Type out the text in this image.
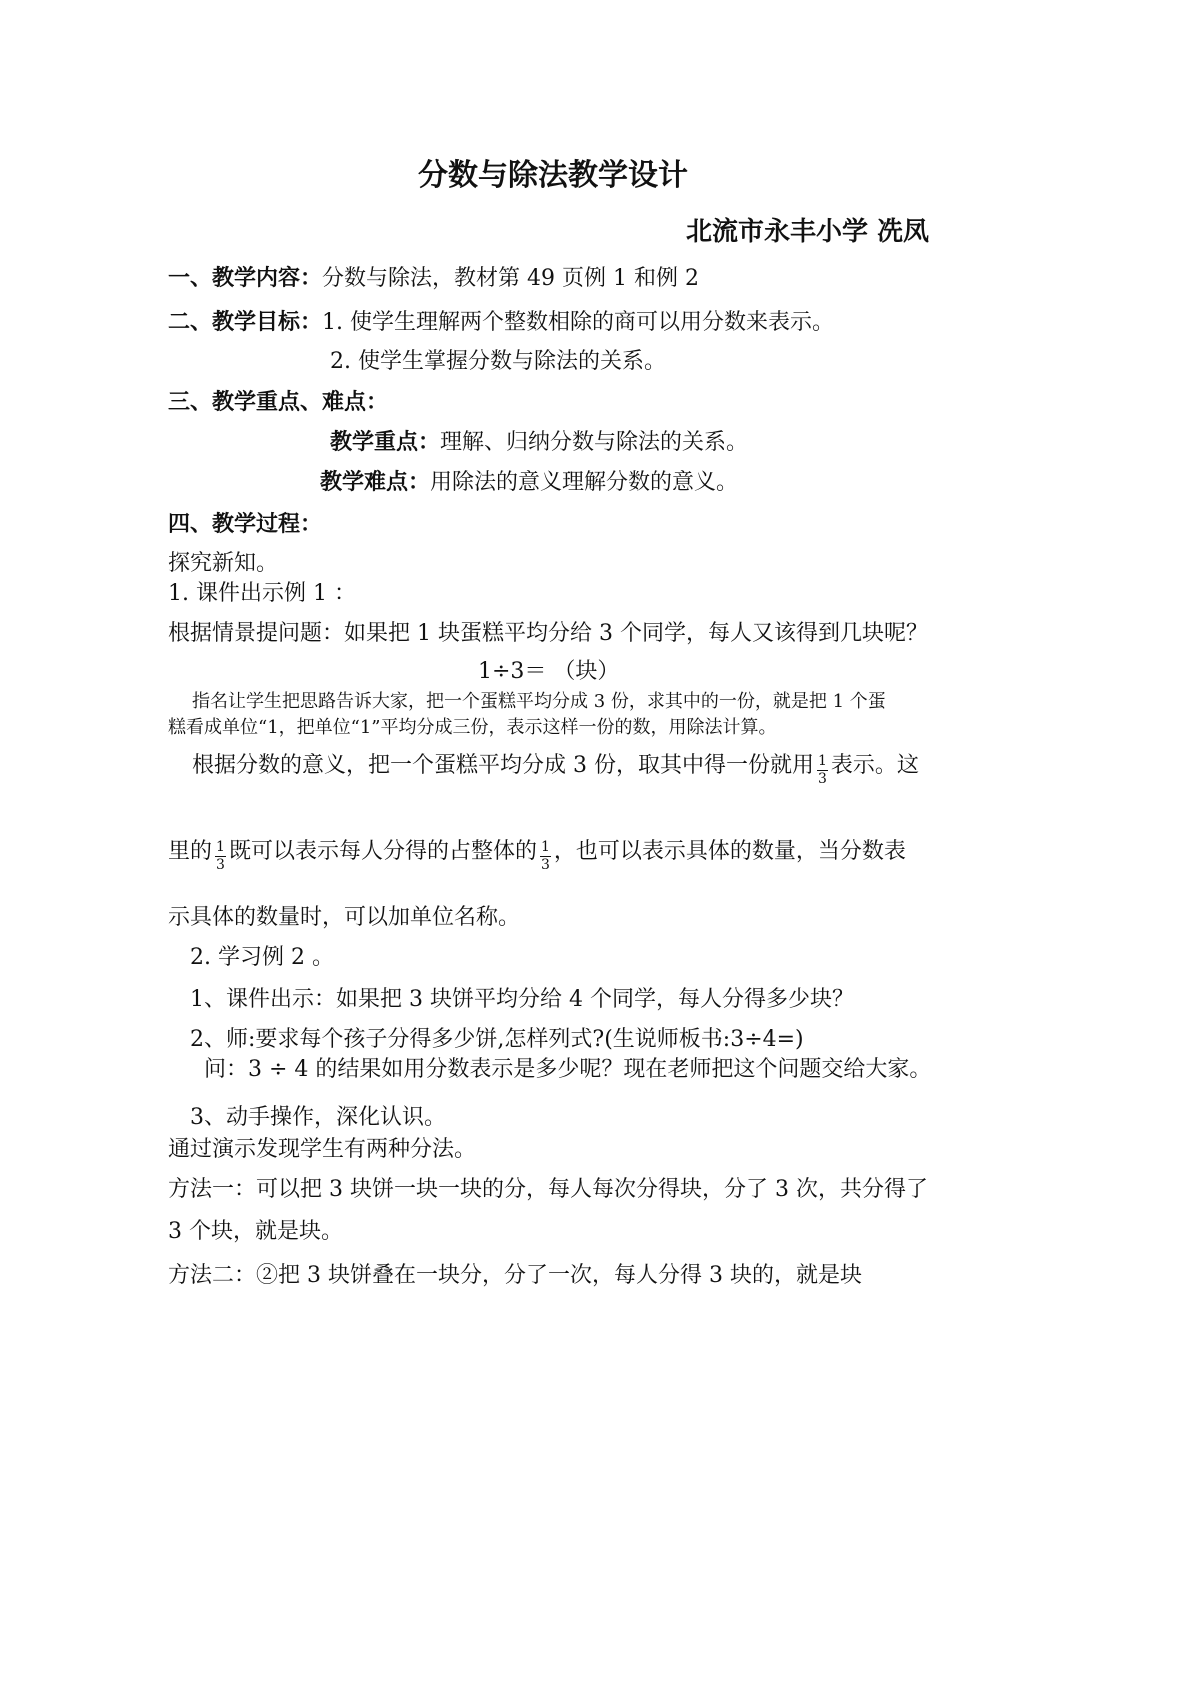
分数与除法教学设计
北流市永丰小学 冼凤
一、教学内容：分数与除法，教材第 49 页例 1 和例 2
二、教学目标：1. 使学生理解两个整数相除的商可以用分数来表示。
2. 使学生掌握分数与除法的关系。
三、教学重点、难点：
教学重点：理解、归纳分数与除法的关系。
教学难点：用除法的意义理解分数的意义。
四、教学过程：
探究新知。
1. 课件出示例 1 ：
根据情景提问题：如果把 1 块蛋糕平均分给 3 个同学，每人又该得到几块呢？
1÷3＝ （块）
指名让学生把思路告诉大家，把一个蛋糕平均分成 3 份，求其中的一份，就是把 1 个蛋
糕看成单位“1，把单位“1”平均分成三份，表示这样一份的数，用除法计算。
根据分数的意义，把一个蛋糕平均分成 3 份，取其中得一份就用 $\frac{1}{3}$ 表示。这
里的 $\frac{1}{3}$ 既可以表示每人分得的占整体的 $\frac{1}{3}$ ，也可以表示具体的数量，当分数表
示具体的数量时，可以加单位名称。
2. 学习例 2 。
1、课件出示：如果把 3 块饼平均分给 4 个同学，每人分得多少块？
2、师:要求每个孩子分得多少饼,怎样列式?(生说师板书:3÷4=)
问：3 ÷ 4 的结果如用分数表示是多少呢？现在老师把这个问题交给大家。
3、动手操作，深化认识。
通过演示发现学生有两种分法。
方法一：可以把 3 块饼一块一块的分，每人每次分得块，分了 3 次，共分得了
3 个块，就是块。
方法二：②把 3 块饼叠在一块分，分了一次，每人分得 3 块的，就是块
